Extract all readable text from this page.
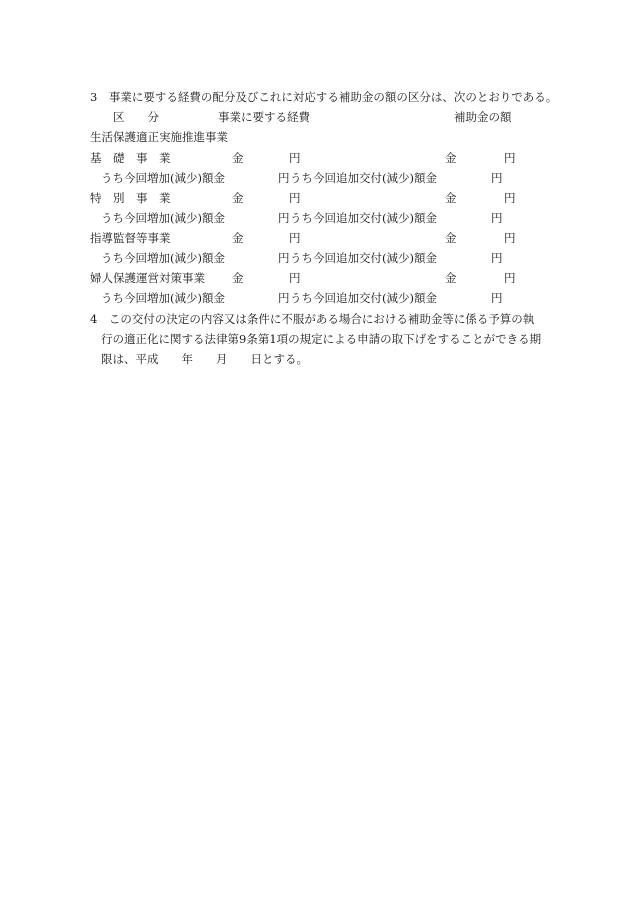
3　事業に要する経費の配分及びこれに対応する補助金の額の区分は、次のとおりである。
区　　分	事業に要する経費	補助金の額
生活保護適正実施推進事業
基　礎　事　業	金	円	金	円
うち今回増加(減少)額金	円 うち今回追加交付(減少)額金	円
特　別　事　業	金	円	金	円
うち今回増加(減少)額金	円 うち今回追加交付(減少)額金	円
指導監督等事業	金	円	金	円
うち今回増加(減少)額金	円 うち今回追加交付(減少)額金	円
婦人保護運営対策事業 金	円	金	円
うち今回増加(減少)額金	円 うち今回追加交付(減少)額金	円
4　この交付の決定の内容又は条件に不服がある場合における補助金等に係る予算の執
行の適正化に関する法律第9条第1項の規定による申請の取下げをすることができる期
限は、平成　　年　　月　　日とする。
